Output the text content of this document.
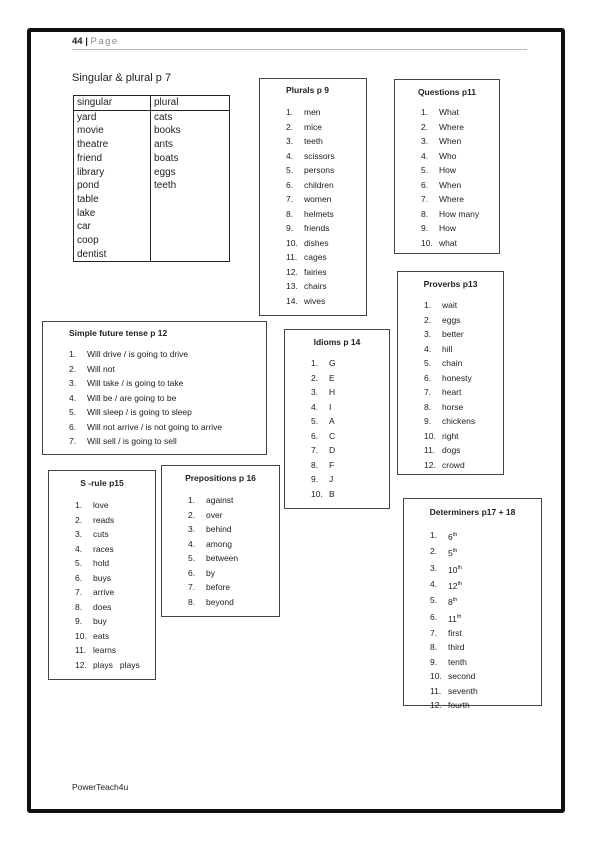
44 | Page
Singular & plural p 7
singular	plural
yard	cats
movie	books
theatre	ants
friend	boats
library	eggs
pond	teeth
table	
lake	
car	
coop	
dentist	
Plurals p 9
1.	men
2.	mice
3.	teeth
4.	scissors
5.	persons
6.	children
7.	women
8.	helmets
9.	friends
10. dishes
11. cages
12. fairies
13. chairs
14. wives
Questions p11
1.	What
2.	Where
3.	When
4.	Who
5.	How
6.	When
7.	Where
8.	How many
9.	How
10. what
Proverbs p13
1.	wait
2.	eggs
3.	better
4.	hill
5.	chain
6.	honesty
7.	heart
8.	horse
9.	chickens
10. right
11. dogs
12. crowd
Simple future tense p 12
1.	Will drive / is going to drive
2.	Will not
3.	Will take / is going to take
4.	Will be / are going to be
5.	Will sleep / is going to sleep
6.	Will not arrive / is not going to arrive
7.	Will sell / is going to sell
Idioms p 14
1.	G
2.	E
3.	H
4.	I
5.	A
6.	C
7.	D
8.	F
9.	J
10. B
S -rule p15
1.	love
2.	reads
3.	cuts
4.	races
5.	hold
6.	buys
7.	arrive
8.	does
9.	buy
10. eats
11. learns
12. plays   plays
Prepositions p 16
1.	against
2.	over
3.	behind
4.	among
5.	between
6.	by
7.	before
8.	beyond
Determiners p17 + 18
1.	6th
2.	5th
3.	10th
4.	12th
5.	8th
6.	11th
7.	first
8.	third
9.	tenth
10. second
11. seventh
12. fourth
PowerTeach4u
